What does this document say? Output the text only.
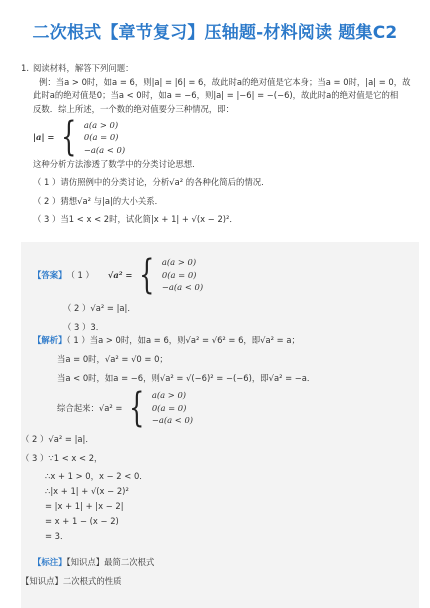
二次根式【章节复习】压轴题-材料阅读 题集C2
1. 阅读材料，解答下列问题：
例：当a > 0时，如a = 6，则|a| = |6| = 6，故此时a的绝对值是它本身；当a = 0时，|a| = 0，故
此时a的绝对值是0；当a < 0时，如a = −6，则|a| = |−6| = −(−6)，故此时a的绝对值是它的相
反数．综上所述，一个数的绝对值要分三种情况，即：
|a| = { a(a > 0)
0(a = 0)
−a(a < 0)
这种分析方法渗透了数学中的分类讨论思想．
（ 1 ）请仿照例中的分类讨论，分析√a² 的各种化简后的情况．
（ 2 ）猜想√a² 与|a|的大小关系．
（ 3 ）当1 < x < 2时，试化简|x + 1| + √(x − 2)²．
【答案】 （ 1 ） √a² = { a(a > 0)
0(a = 0)
−a(a < 0)
（ 2 ）√a² = |a|．
（ 3 ）3．
【解析】（ 1 ）当a > 0时，如a = 6，则√a² = √6² = 6，即√a² = a；
当a = 0时，√a² = √0 = 0；
当a < 0时，如a = −6，则√a² = √(−6)² = −(−6)，即√a² = −a．
综合起来：√a² = { a(a > 0)
0(a = 0)
−a(a < 0)
（ 2 ）√a² = |a|．
（ 3 ）∵1 < x < 2，
∴x + 1 > 0，x − 2 < 0．
∴|x + 1| + √(x − 2)²
= |x + 1| + |x − 2|
= x + 1 − (x − 2)
= 3．
【标注】【知识点】最简二次根式
【知识点】二次根式的性质
